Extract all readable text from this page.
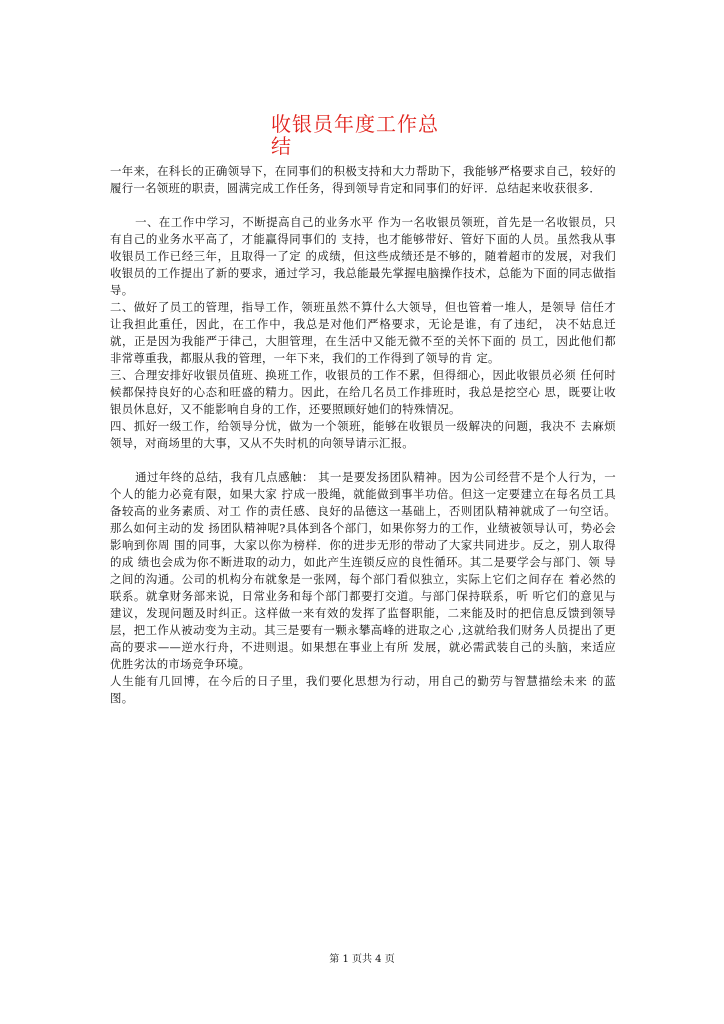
收银员年度工作总结

一年来，在科长的正确领导下，在同事们的积极支持和大力帮助下，我能够严格要求自己，较好的履行一名领班的职责，圆满完成工作任务，得到领导肯定和同事们的好评．总结起来收获很多．

一、在工作中学习，不断提高自己的业务水平 作为一名收银员领班，首先是一名收银员，只有自己的业务水平高了，才能赢得同事们的 支持，也才能够带好、管好下面的人员。虽然我从事收银员工作已经三年，且取得一了定 的成绩，但这些成绩还是不够的，随着超市的发展，对我们收银员的工作提出了新的要求，通过学习，我总能最先掌握电脑操作技术，总能为下面的同志做指导。

二、做好了员工的管理，指导工作，领班虽然不算什么大领导，但也管着一堆人，是领导 信任才让我担此重任，因此，在工作中，我总是对他们严格要求，无论是谁，有了违纪， 决不姑息迁就，正是因为我能严于律己，大胆管理，在生活中又能无微不至的关怀下面的 员工，因此他们都非常尊重我，都服从我的管理，一年下来，我们的工作得到了领导的肯 定。

三、合理安排好收银员值班、换班工作，收银员的工作不累，但得细心，因此收银员必须 任何时候都保持良好的心态和旺盛的精力。因此，在给几名员工作排班时，我总是挖空心 思，既要让收银员休息好，又不能影响自身的工作，还要照顾好她们的特殊情况。

四、抓好一级工作，给领导分忧，做为一个领班，能够在收银员一级解决的问题，我决不 去麻烦领导，对商场里的大事，又从不失时机的向领导请示汇报。

通过年终的总结，我有几点感触： 其一是要发扬团队精神。因为公司经营不是个人行为，一个人的能力必竟有限，如果大家 拧成一股绳，就能做到事半功倍。但这一定要建立在每名员工具备较高的业务素质、对工 作的责任感、良好的品德这一基础上，否则团队精神就成了一句空话。那么如何主动的发 扬团队精神呢?具体到各个部门，如果你努力的工作，业绩被领导认可，势必会影响到你周 围的同事，大家以你为榜样．你的进步无形的带动了大家共同进步。反之，别人取得的成 绩也会成为你不断进取的动力，如此产生连锁反应的良性循环。其二是要学会与部门、领 导之间的沟通。公司的机构分布就象是一张网，每个部门看似独立，实际上它们之间存在 着必然的联系。就拿财务部来说，日常业务和每个部门都要打交道。与部门保持联系，听 听它们的意见与建议，发现问题及时纠正。这样做一来有效的发挥了监督职能，二来能及时的把信息反馈到领导层，把工作从被动变为主动。其三是要有一颗永攀高峰的进取之心 ,这就给我们财务人员提出了更高的要求——逆水行舟，不进则退。如果想在事业上有所 发展，就必需武装自己的头脑，来适应优胜劣汰的市场竞争环境。

人生能有几回博，在今后的日子里，我们要化思想为行动，用自己的勤劳与智慧描绘未来 的蓝图。

第 1 页共 4 页
